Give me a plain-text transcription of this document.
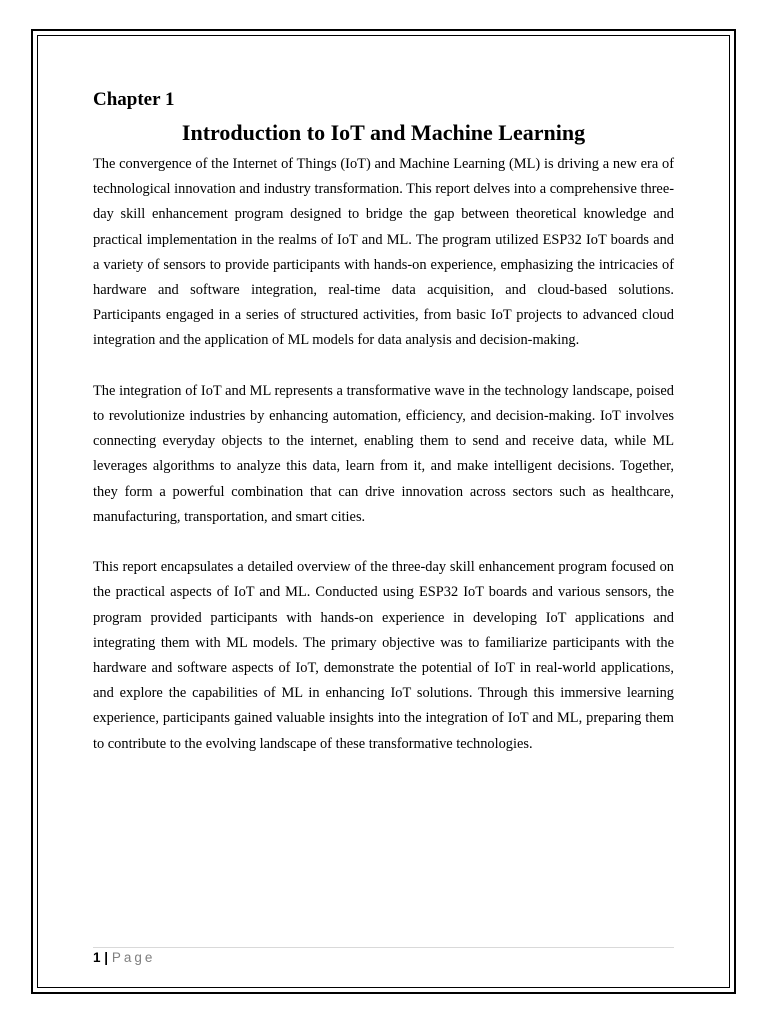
Chapter 1
Introduction to IoT and Machine Learning

The convergence of the Internet of Things (IoT) and Machine Learning (ML) is driving a new era of technological innovation and industry transformation. This report delves into a comprehensive three-day skill enhancement program designed to bridge the gap between theoretical knowledge and practical implementation in the realms of IoT and ML. The program utilized ESP32 IoT boards and a variety of sensors to provide participants with hands-on experience, emphasizing the intricacies of hardware and software integration, real-time data acquisition, and cloud-based solutions. Participants engaged in a series of structured activities, from basic IoT projects to advanced cloud integration and the application of ML models for data analysis and decision-making.

The integration of IoT and ML represents a transformative wave in the technology landscape, poised to revolutionize industries by enhancing automation, efficiency, and decision-making. IoT involves connecting everyday objects to the internet, enabling them to send and receive data, while ML leverages algorithms to analyze this data, learn from it, and make intelligent decisions. Together, they form a powerful combination that can drive innovation across sectors such as healthcare, manufacturing, transportation, and smart cities.

This report encapsulates a detailed overview of the three-day skill enhancement program focused on the practical aspects of IoT and ML. Conducted using ESP32 IoT boards and various sensors, the program provided participants with hands-on experience in developing IoT applications and integrating them with ML models. The primary objective was to familiarize participants with the hardware and software aspects of IoT, demonstrate the potential of IoT in real-world applications, and explore the capabilities of ML in enhancing IoT solutions. Through this immersive learning experience, participants gained valuable insights into the integration of IoT and ML, preparing them to contribute to the evolving landscape of these transformative technologies.

1 | Page
